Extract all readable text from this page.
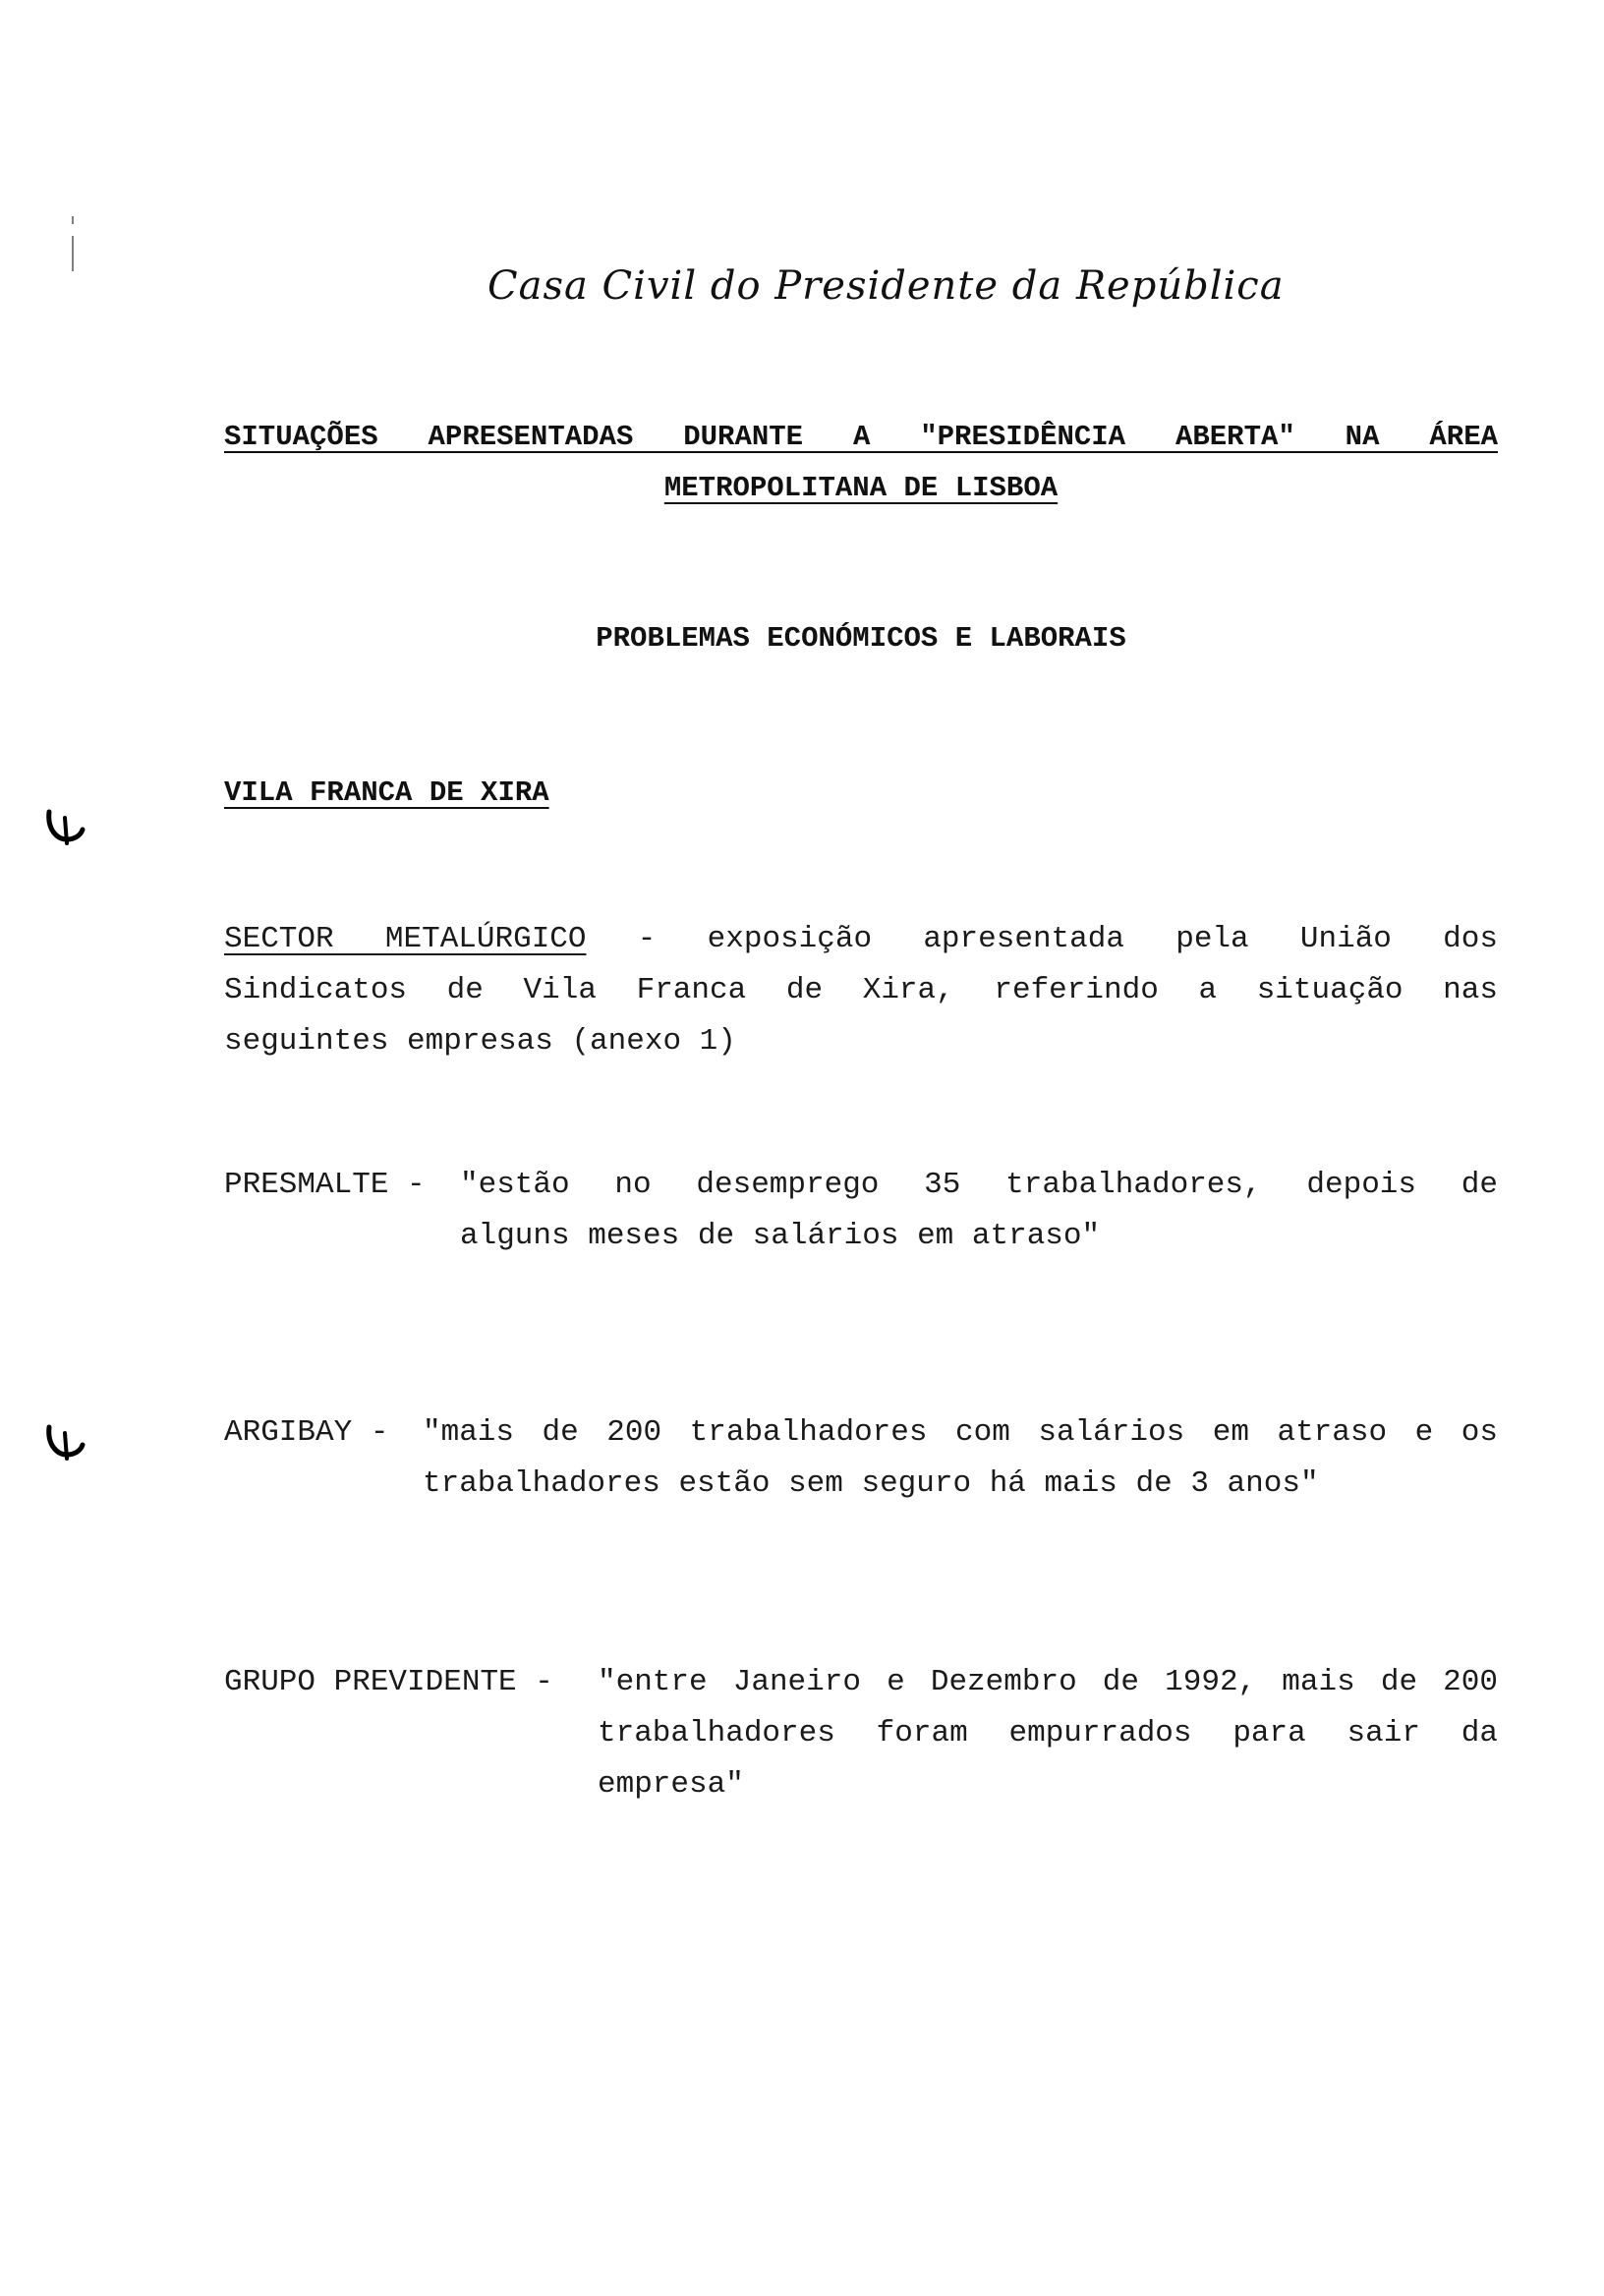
Casa Civil do Presidente da República
SITUAÇÕES APRESENTADAS DURANTE A "PRESIDÊNCIA ABERTA" NA ÁREA
METROPOLITANA DE LISBOA
PROBLEMAS ECONÓMICOS E LABORAIS
VILA FRANCA DE XIRA
SECTOR METALÚRGICO - exposição apresentada pela União dos
Sindicatos de Vila Franca de Xira, referindo a situação nas
seguintes empresas (anexo 1)
PRESMALTE - "estão no desemprego 35 trabalhadores, depois de
alguns meses de salários em atraso"
ARGIBAY - "mais de 200 trabalhadores com salários em atraso e os
trabalhadores estão sem seguro há mais de 3 anos"
GRUPO PREVIDENTE - "entre Janeiro e Dezembro de 1992, mais de 200
trabalhadores foram empurrados para sair da
empresa"
